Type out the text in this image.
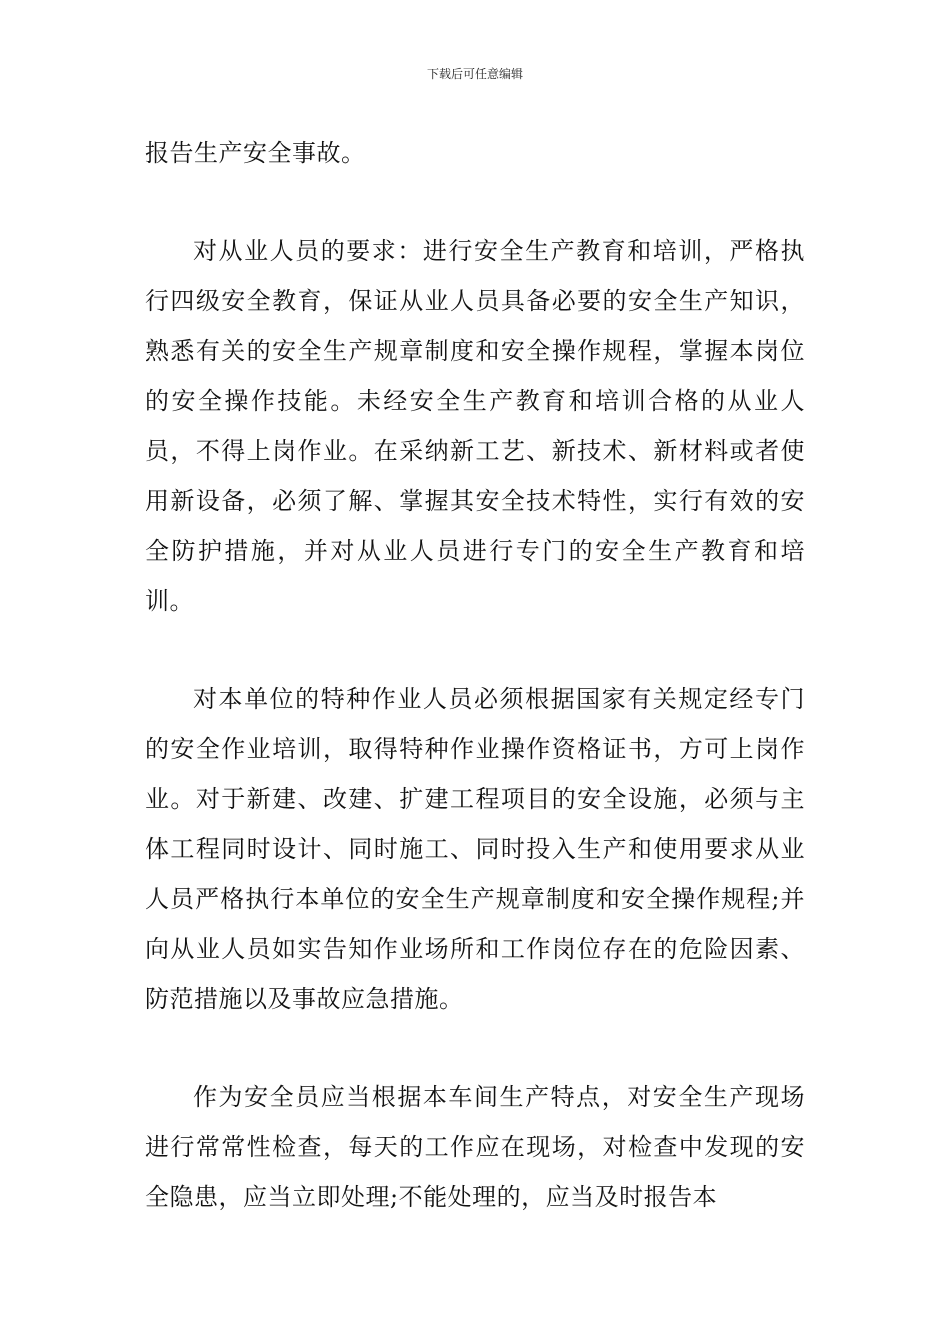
下载后可任意编辑

报告生产安全事故。

对从业人员的要求：进行安全生产教育和培训，严格执行四级安全教育，保证从业人员具备必要的安全生产知识，熟悉有关的安全生产规章制度和安全操作规程，掌握本岗位的安全操作技能。未经安全生产教育和培训合格的从业人员，不得上岗作业。在采纳新工艺、新技术、新材料或者使用新设备，必须了解、掌握其安全技术特性，实行有效的安全防护措施，并对从业人员进行专门的安全生产教育和培训。

对本单位的特种作业人员必须根据国家有关规定经专门的安全作业培训，取得特种作业操作资格证书，方可上岗作业。对于新建、改建、扩建工程项目的安全设施，必须与主体工程同时设计、同时施工、同时投入生产和使用要求从业人员严格执行本单位的安全生产规章制度和安全操作规程;并向从业人员如实告知作业场所和工作岗位存在的危险因素、防范措施以及事故应急措施。

作为安全员应当根据本车间生产特点，对安全生产现场进行常常性检查，每天的工作应在现场，对检查中发现的安全隐患，应当立即处理;不能处理的，应当及时报告本
